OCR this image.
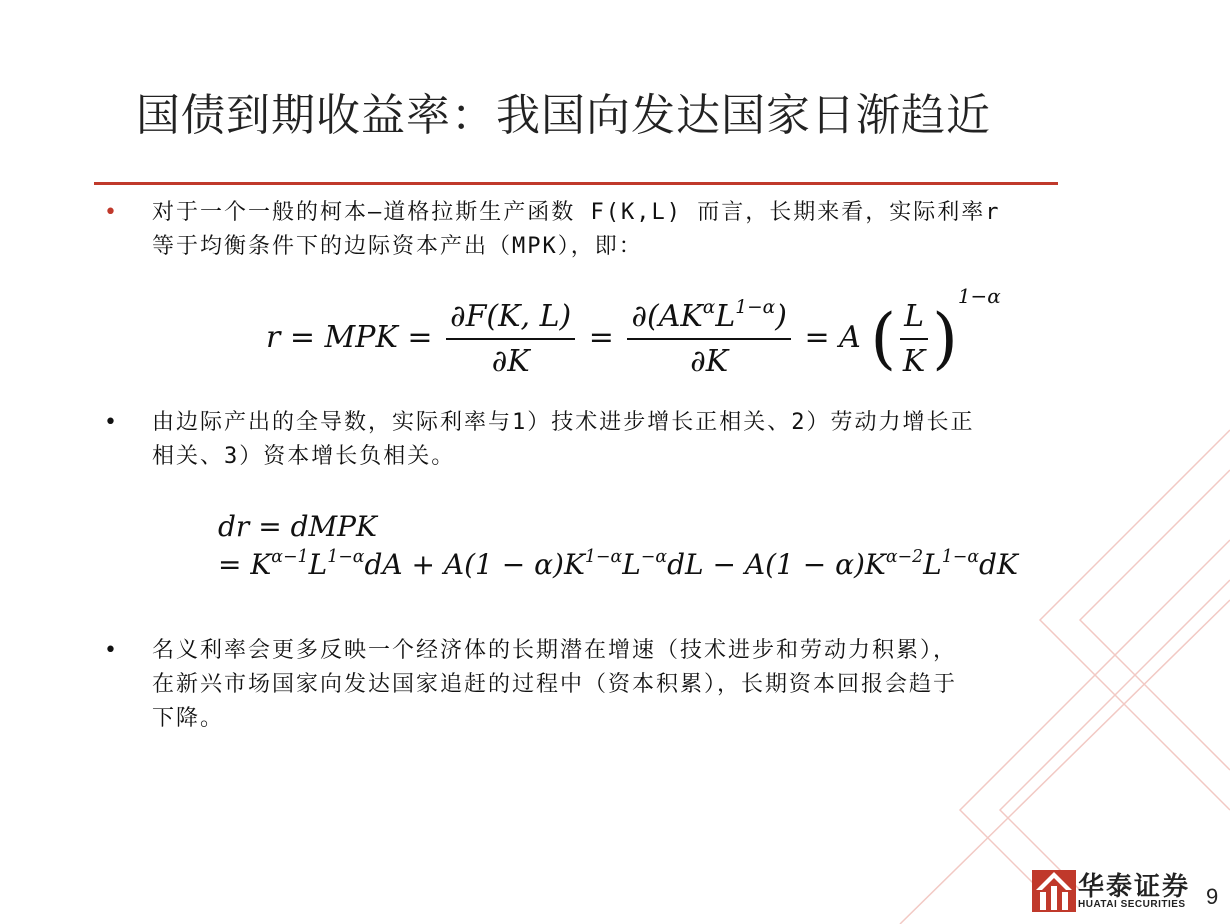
国债到期收益率：我国向发达国家日渐趋近
• 对于一个一般的柯本–道格拉斯生产函数 F(K,L) 而言，长期来看，实际利率r
等于均衡条件下的边际资本产出（MPK），即：
r = MPK = $\frac{\partial F(K, L)}{\partial K} = \frac{\partial(AK^\alpha L^{1-\alpha})}{\partial K} = A$ ( $\frac{L}{K} )^{1-\alpha}$
• 由边际产出的全导数，实际利率与1）技术进步增长正相关、2）劳动力增长正
相关、3）资本增长负相关。
dr = dMPK
= $K^{\alpha-1}L^{1-\alpha}dA + A(1 - \alpha)K^{1-\alpha}L^{-\alpha}dL - A(1 - \alpha)K^{\alpha-2}L^{1-\alpha}dK$
• 名义利率会更多反映一个经济体的长期潜在增速（技术进步和劳动力积累），
在新兴市场国家向发达国家追赶的过程中（资本积累），长期资本回报会趋于
下降。
华泰证券
HUATAI SECURITIES 9
